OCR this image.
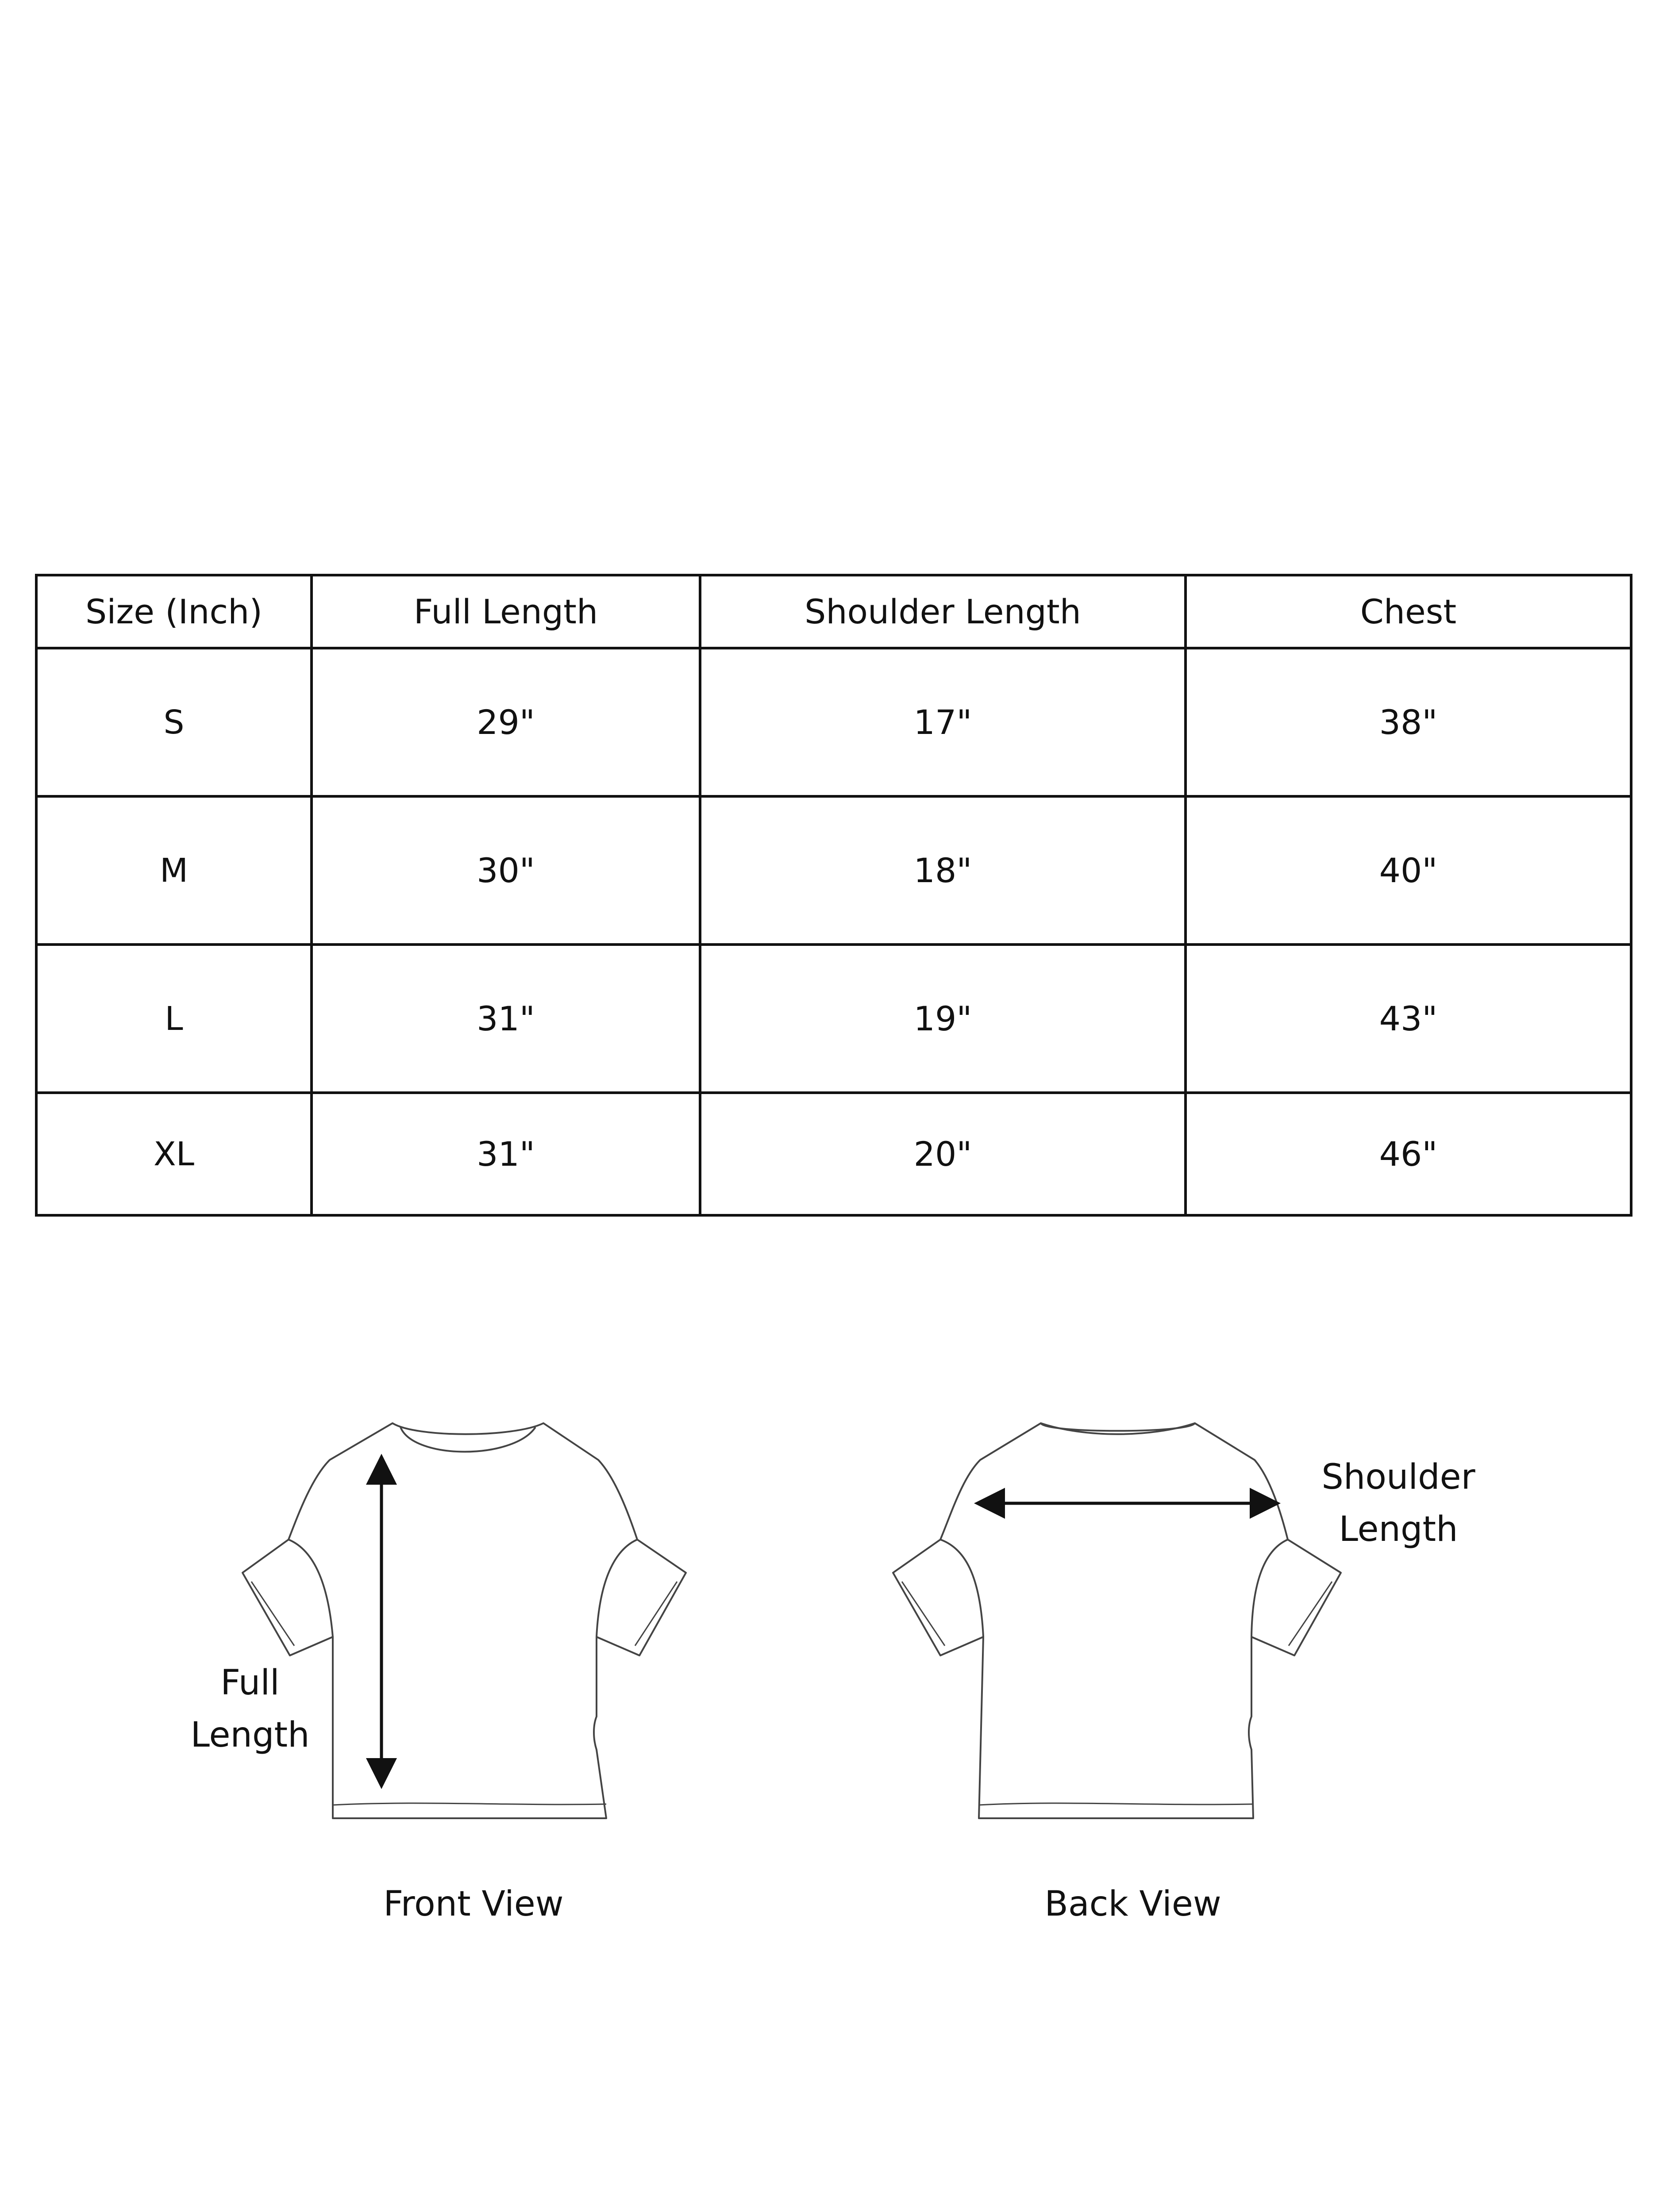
Size (Inch)	Full Length	Shoulder Length	Chest
S	29"	17"	38"
M	30"	18"	40"
L	31"	19"	43"
XL	31"	20"	46"
Full
Length
Shoulder
Length
Front View	Back View
